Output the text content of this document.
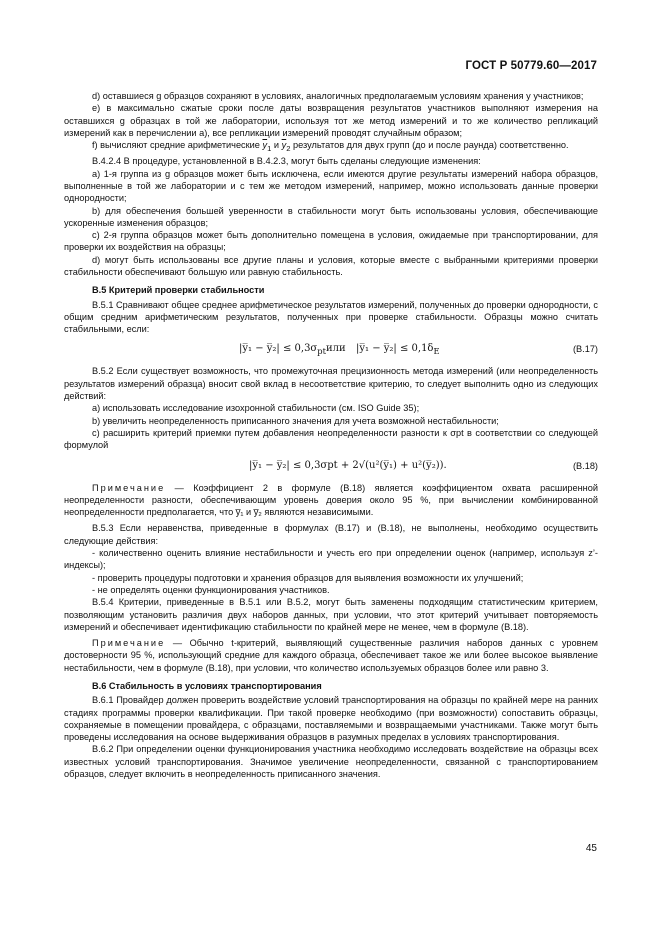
ГОСТ Р 50779.60—2017

d) оставшиеся g образцов сохраняют в условиях, аналогичных предполагаемым условиям хранения у участников;

e) в максимально сжатые сроки после даты возвращения результатов участников выполняют измерения на оставшихся g образцах в той же лаборатории, используя тот же метод измерений и то же количество репликаций измерений как в перечислении a), все репликации измерений проводят случайным образом;

f) вычисляют средние арифметические $\overline{y}_1$ и $\overline{y}_2$ результатов для двух групп (до и после раунда) соответственно.

B.4.2.4 В процедуре, установленной в B.4.2.3, могут быть сделаны следующие изменения:

a) 1-я группа из g образцов может быть исключена, если имеются другие результаты измерений набора образцов, выполненные в той же лаборатории и с тем же методом измерений, например, можно использовать данные проверки однородности;

b) для обеспечения большей уверенности в стабильности могут быть использованы условия, обеспечивающие ускоренные изменения образцов;

c) 2-я группа образцов может быть дополнительно помещена в условия, ожидаемые при транспортировании, для проверки их воздействия на образцы;

d) могут быть использованы все другие планы и условия, которые вместе с выбранными критериями проверки стабильности обеспечивают большую или равную стабильность.

B.5 Критерий проверки стабильности

B.5.1 Сравнивают общее среднее арифметическое результатов измерений, полученных до проверки однородности, с общим средним арифметическим результатов, полученных при проверке стабильности. Образцы можно считать стабильными, если:

|y̅₁ − y̅₂| ≤ $0,3\sigma_{pt}$ или |y̅₁ − y̅₂| ≤ $0,1\delta_E$	(B.17)

B.5.2 Если существует возможность, что промежуточная прецизионность метода измерений (или неопределенность результатов измерений образца) вносит свой вклад в несоответствие критерию, то следует выполнить одно из следующих действий:

a) использовать исследование изохронной стабильности (см. ISO Guide 35);

b) увеличить неопределенность приписанного значения для учета возможной нестабильности;

c) расширить критерий приемки путем добавления неопределенности разности к σpt в соответствии со следующей формулой

|y̅₁ − y̅₂| ≤ 0,3σpt + 2√(u²(y̅₁) + u²(y̅₂)).	(B.18)

Примечание — Коэффициент 2 в формуле (B.18) является коэффициентом охвата расширенной неопределенности разности, обеспечивающим уровень доверия около 95 %, при вычислении комбинированной неопределенности предполагается, что y̅₁ и y̅₂ являются независимыми.

B.5.3 Если неравенства, приведенные в формулах (B.17) и (B.18), не выполнены, необходимо осуществить следующие действия:

- количественно оценить влияние нестабильности и учесть его при определении оценок (например, используя z’-индексы);

- проверить процедуры подготовки и хранения образцов для выявления возможности их улучшений;

- не определять оценки функционирования участников.

B.5.4 Критерии, приведенные в B.5.1 или B.5.2, могут быть заменены подходящим статистическим критерием, позволяющим установить различия двух наборов данных, при условии, что этот критерий учитывает повторяемость измерений и обеспечивает идентификацию стабильности по крайней мере не менее, чем в формуле (B.18).

Примечание — Обычно t-критерий, выявляющий существенные различия наборов данных с уровнем достоверности 95 %, использующий средние для каждого образца, обеспечивает такое же или более высокое выявление нестабильности, чем в формуле (B.18), при условии, что количество используемых образцов более или равно 3.

B.6 Стабильность в условиях транспортирования

B.6.1 Провайдер должен проверить воздействие условий транспортирования на образцы по крайней мере на ранних стадиях программы проверки квалификации. При такой проверке необходимо (при возможности) сопоставить образцы, сохраняемые в помещении провайдера, с образцами, поставляемыми и возвращаемыми участниками. Также могут быть проведены исследования на основе выдерживания образцов в разумных пределах в условиях транспортирования.

B.6.2 При определении оценки функционирования участника необходимо исследовать воздействие на образцы всех известных условий транспортирования. Значимое увеличение неопределенности, связанной с транспортированием образцов, следует включить в неопределенность приписанного значения.

45
